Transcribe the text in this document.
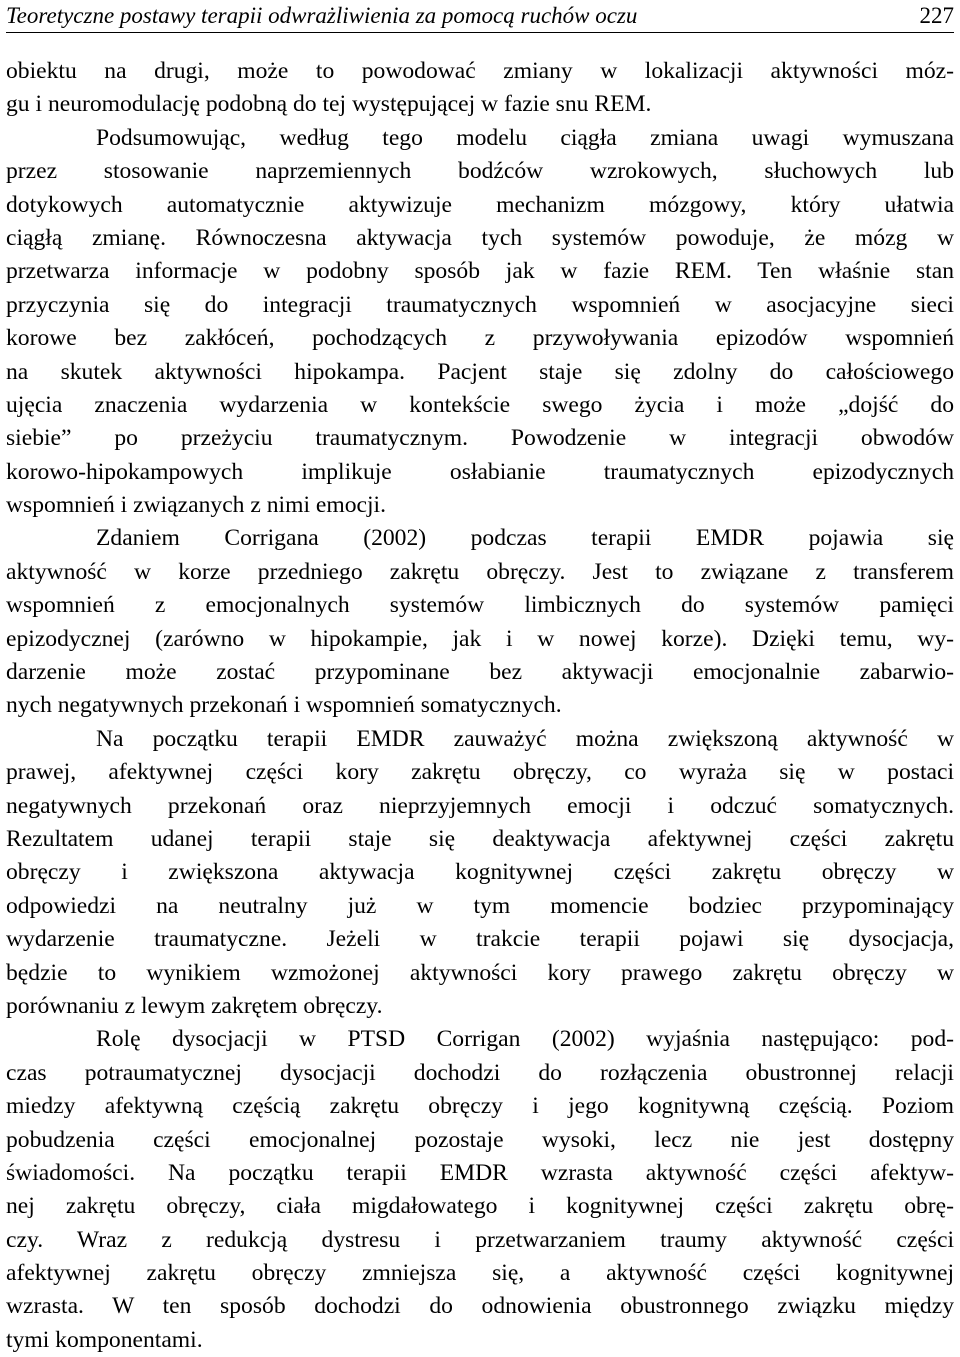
Teoretyczne postawy terapii odwrażliwienia za pomocą ruchów oczu	227
obiektu na drugi, może to powodować zmiany w lokalizacji aktywności móz-
gu i neuromodulację podobną do tej występującej w fazie snu REM.
Podsumowując, według tego modelu ciągła zmiana uwagi wymuszana
przez stosowanie naprzemiennych bodźców wzrokowych, słuchowych lub
dotykowych automatycznie aktywizuje mechanizm mózgowy, który ułatwia
ciągłą zmianę. Równoczesna aktywacja tych systemów powoduje, że mózg w
przetwarza informacje w podobny sposób jak w fazie REM. Ten właśnie stan
przyczynia się do integracji traumatycznych wspomnień w asocjacyjne sieci
korowe bez zakłóceń, pochodzących z przywoływania epizodów wspomnień
na skutek aktywności hipokampa. Pacjent staje się zdolny do całościowego
ujęcia znaczenia wydarzenia w kontekście swego życia i może „dojść do
siebie” po przeżyciu traumatycznym. Powodzenie w integracji obwodów
korowo-hipokampowych implikuje osłabianie traumatycznych epizodycznych
wspomnień i związanych z nimi emocji.
Zdaniem Corrigana (2002) podczas terapii EMDR pojawia się
aktywność w korze przedniego zakrętu obręczy. Jest to związane z transferem
wspomnień z emocjonalnych systemów limbicznych do systemów pamięci
epizodycznej (zarówno w hipokampie, jak i w nowej korze). Dzięki temu, wy-
darzenie może zostać przypominane bez aktywacji emocjonalnie zabarwio-
nych negatywnych przekonań i wspomnień somatycznych.
Na początku terapii EMDR zauważyć można zwiększoną aktywność w
prawej, afektywnej części kory zakrętu obręczy, co wyraża się w postaci
negatywnych przekonań oraz nieprzyjemnych emocji i odczuć somatycznych.
Rezultatem udanej terapii staje się deaktywacja afektywnej części zakrętu
obręczy i zwiększona aktywacja kognitywnej części zakrętu obręczy w
odpowiedzi na neutralny już w tym momencie bodziec przypominający
wydarzenie traumatyczne. Jeżeli w trakcie terapii pojawi się dysocjacja,
będzie to wynikiem wzmożonej aktywności kory prawego zakrętu obręczy w
porównaniu z lewym zakrętem obręczy.
Rolę dysocjacji w PTSD Corrigan (2002) wyjaśnia następująco: pod-
czas potraumatycznej dysocjacji dochodzi do rozłączenia obustronnej relacji
miedzy afektywną częścią zakrętu obręczy i jego kognitywną częścią. Poziom
pobudzenia części emocjonalnej pozostaje wysoki, lecz nie jest dostępny
świadomości. Na początku terapii EMDR wzrasta aktywność części afektyw-
nej zakrętu obręczy, ciała migdałowatego i kognitywnej części zakrętu obrę-
czy. Wraz z redukcją dystresu i przetwarzaniem traumy aktywność części
afektywnej zakrętu obręczy zmniejsza się, a aktywność części kognitywnej
wzrasta. W ten sposób dochodzi do odnowienia obustronnego związku między
tymi komponentami.
